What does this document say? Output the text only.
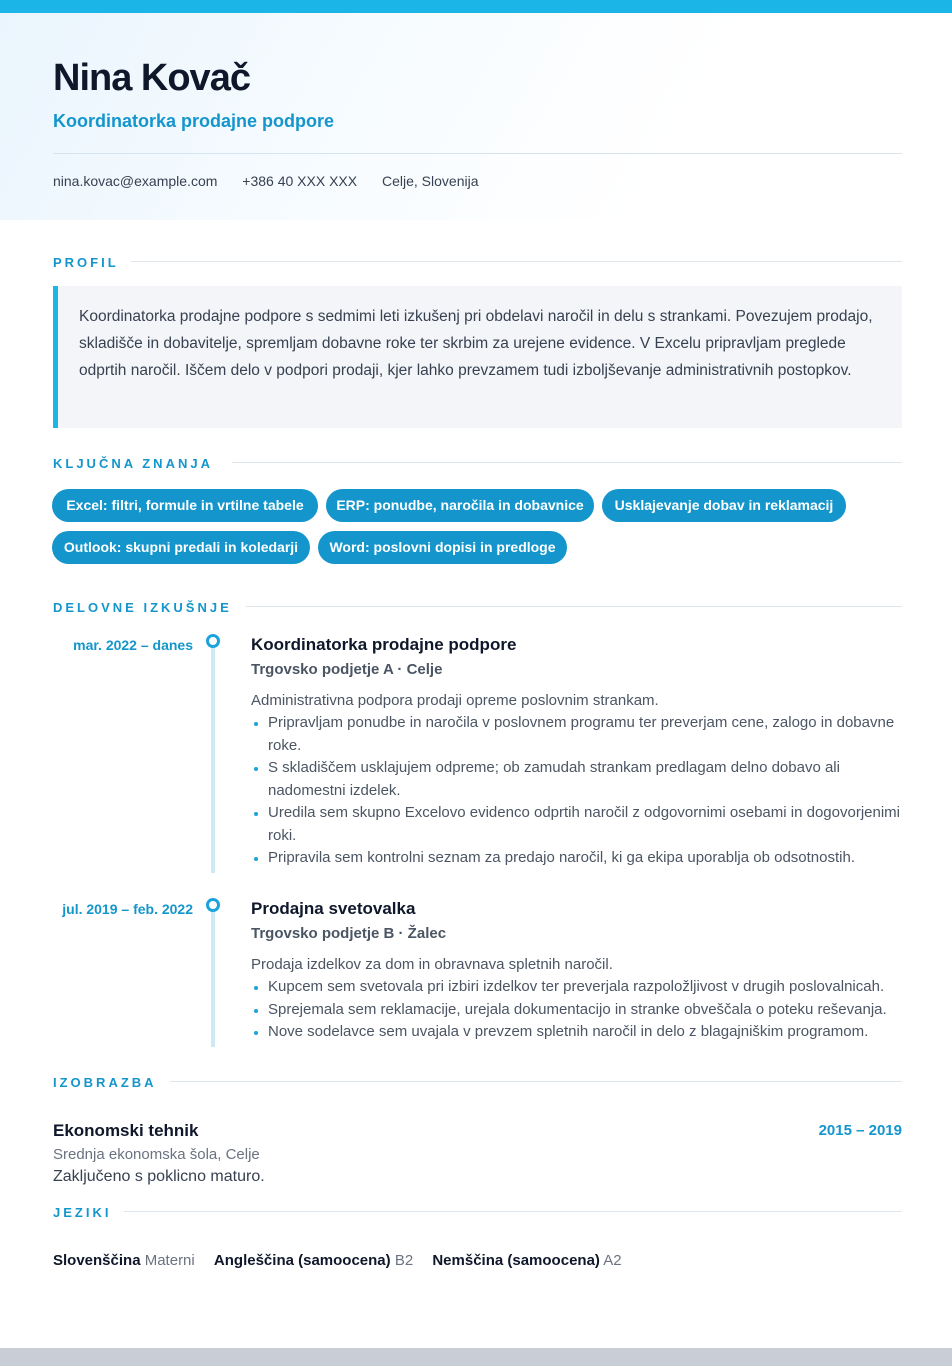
Nina Kovač
Koordinatorka prodajne podpore
nina.kovac@example.com +386 40 XXX XXX Celje, Slovenija
PROFIL
Koordinatorka prodajne podpore s sedmimi leti izkušenj pri obdelavi naročil in delu s strankami. Povezujem prodajo, skladišče in dobavitelje, spremljam dobavne roke ter skrbim za urejene evidence. V Excelu pripravljam preglede odprtih naročil. Iščem delo v podpori prodaji, kjer lahko prevzamem tudi izboljševanje administrativnih postopkov.
KLJUČNA ZNANJA
Excel: filtri, formule in vrtilne tabele	ERP: ponudbe, naročila in dobavnice	Usklajevanje dobav in reklamacij
Outlook: skupni predali in koledarji	Word: poslovni dopisi in predloge
DELOVNE IZKUŠNJE
mar. 2022 – danes	Koordinatorka prodajne podpore
Trgovsko podjetje A · Celje
Administrativna podpora prodaji opreme poslovnim strankam.
Pripravljam ponudbe in naročila v poslovnem programu ter preverjam cene, zalogo in dobavne roke.
S skladiščem usklajujem odpreme; ob zamudah strankam predlagam delno dobavo ali nadomestni izdelek.
Uredila sem skupno Excelovo evidenco odprtih naročil z odgovornimi osebami in dogovorjenimi roki.
Pripravila sem kontrolni seznam za predajo naročil, ki ga ekipa uporablja ob odsotnostih.
jul. 2019 – feb. 2022	Prodajna svetovalka
Trgovsko podjetje B · Žalec
Prodaja izdelkov za dom in obravnava spletnih naročil.
Kupcem sem svetovala pri izbiri izdelkov ter preverjala razpoložljivost v drugih poslovalnicah.
Sprejemala sem reklamacije, urejala dokumentacijo in stranke obveščala o poteku reševanja.
Nove sodelavce sem uvajala v prevzem spletnih naročil in delo z blagajniškim programom.
IZOBRAZBA
Ekonomski tehnik
Srednja ekonomska šola, Celje
Zaključeno s poklicno maturo.
2015 – 2019
JEZIKI
Slovenščina Materni Angleščina (samoocena) B2 Nemščina (samoocena) A2
